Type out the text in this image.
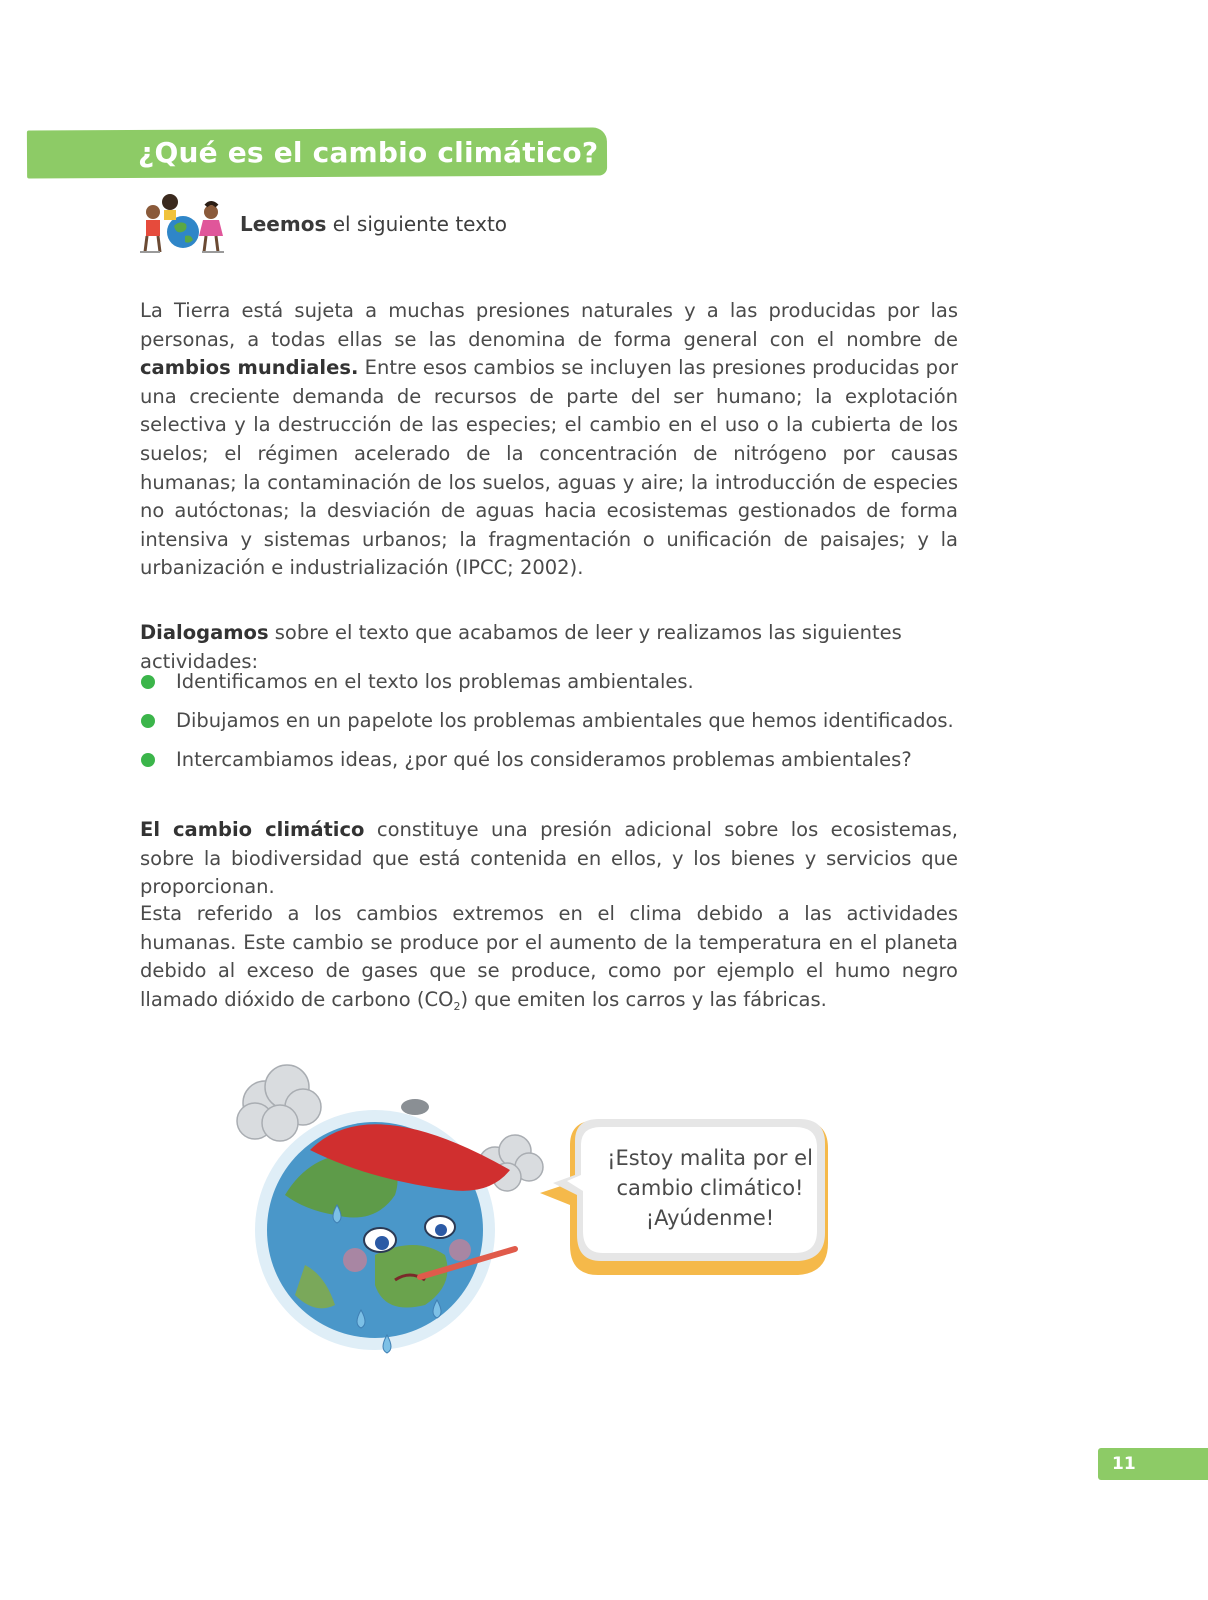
¿Qué es el cambio climático?
Leemos el siguiente texto
La Tierra está sujeta a muchas presiones naturales y a las producidas por las personas, a todas ellas se las denomina de forma general con el nombre de cambios mundiales. Entre esos cambios se incluyen las presiones producidas por una creciente demanda de recursos de parte del ser humano; la explotación selectiva y la destrucción de las especies; el cambio en el uso o la cubierta de los suelos; el régimen acelerado de la concentración de nitrógeno por causas humanas; la contaminación de los suelos, aguas y aire; la introducción de especies no autóctonas; la desviación de aguas hacia ecosistemas gestionados de forma intensiva y sistemas urbanos; la fragmentación o unificación de paisajes; y la urbanización e industrialización (IPCC; 2002).
Dialogamos sobre el texto que acabamos de leer y realizamos las siguientes actividades:
Identificamos en el texto los problemas ambientales.
Dibujamos en un papelote los problemas ambientales que hemos identificados.
Intercambiamos ideas, ¿por qué los consideramos problemas ambientales?
El cambio climático constituye una presión adicional sobre los ecosistemas, sobre la biodiversidad que está contenida en ellos, y los bienes y servicios que proporcionan.
Esta referido a los cambios extremos en el clima debido a las actividades humanas. Este cambio se produce por el aumento de la temperatura en el planeta debido al exceso de gases que se produce, como por ejemplo el humo negro llamado dióxido de carbono $(CO_2)$ que emiten los carros y las fábricas.
¡Estoy malita por el
cambio climático!
¡Ayúdenme!
11
